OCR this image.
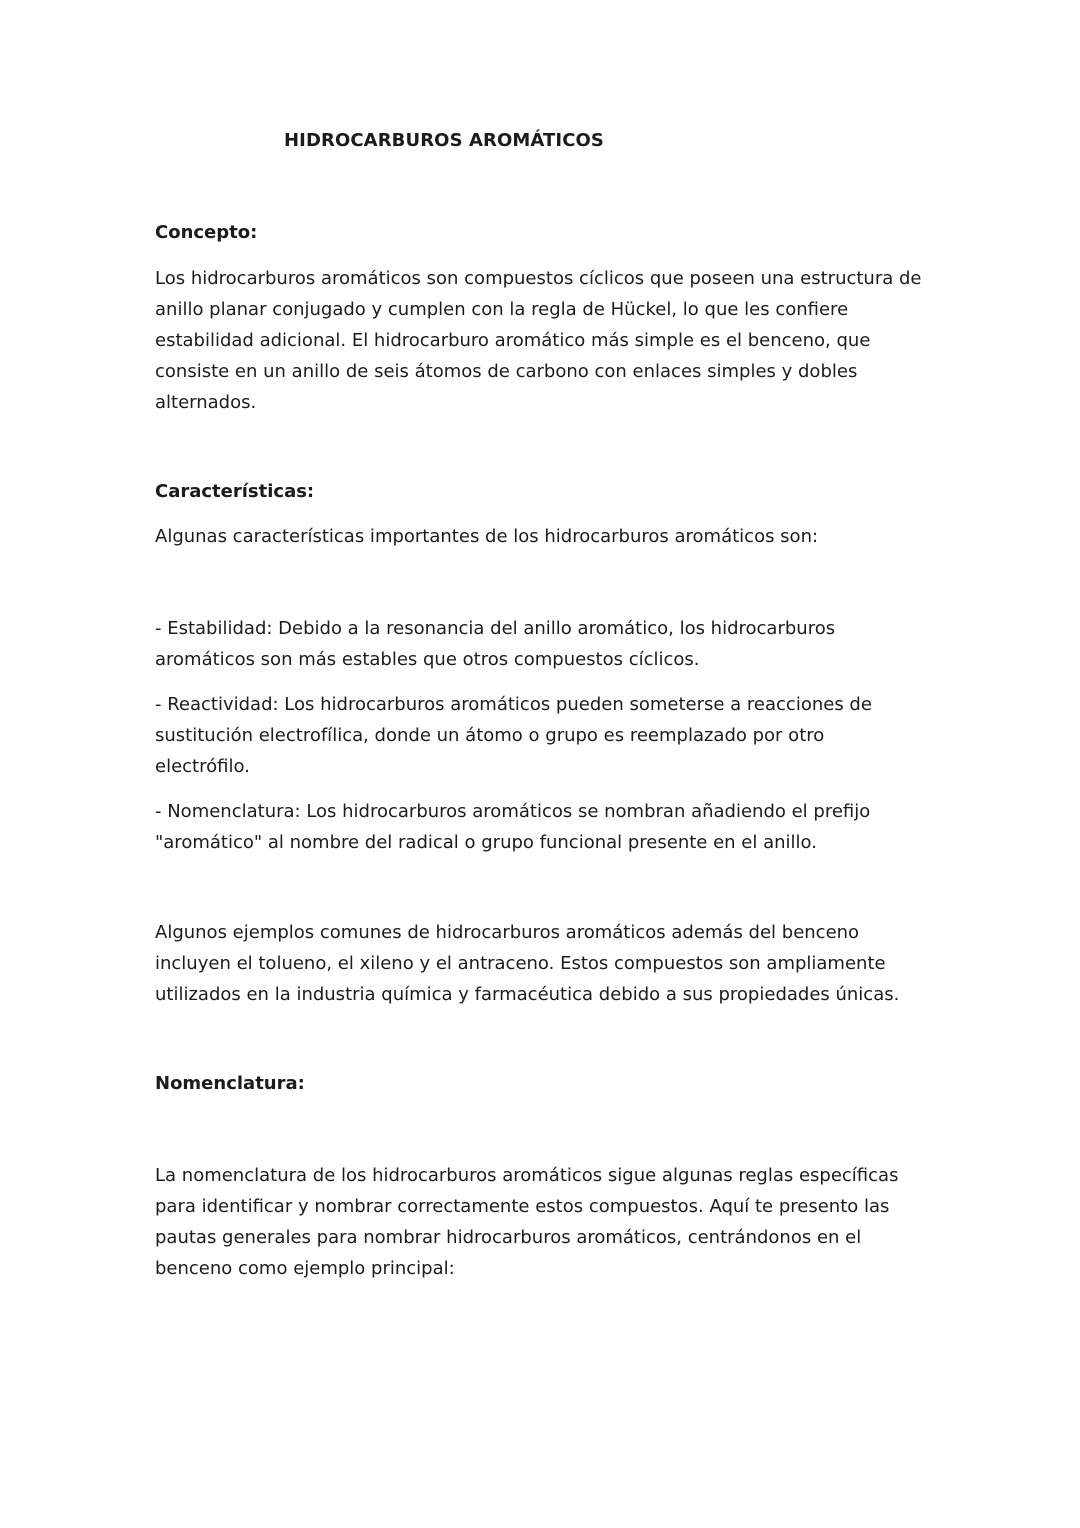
HIDROCARBUROS AROMÁTICOS
Concepto:

Los hidrocarburos aromáticos son compuestos cíclicos que poseen una estructura de anillo planar conjugado y cumplen con la regla de Hückel, lo que les confiere estabilidad adicional. El hidrocarburo aromático más simple es el benceno, que consiste en un anillo de seis átomos de carbono con enlaces simples y dobles alternados.

Características:

Algunas características importantes de los hidrocarburos aromáticos son:

- Estabilidad: Debido a la resonancia del anillo aromático, los hidrocarburos aromáticos son más estables que otros compuestos cíclicos.

- Reactividad: Los hidrocarburos aromáticos pueden someterse a reacciones de sustitución electrofílica, donde un átomo o grupo es reemplazado por otro electrófilo.

- Nomenclatura: Los hidrocarburos aromáticos se nombran añadiendo el prefijo "aromático" al nombre del radical o grupo funcional presente en el anillo.

Algunos ejemplos comunes de hidrocarburos aromáticos además del benceno incluyen el tolueno, el xileno y el antraceno. Estos compuestos son ampliamente utilizados en la industria química y farmacéutica debido a sus propiedades únicas.

Nomenclatura:

La nomenclatura de los hidrocarburos aromáticos sigue algunas reglas específicas para identificar y nombrar correctamente estos compuestos. Aquí te presento las pautas generales para nombrar hidrocarburos aromáticos, centrándonos en el benceno como ejemplo principal:
